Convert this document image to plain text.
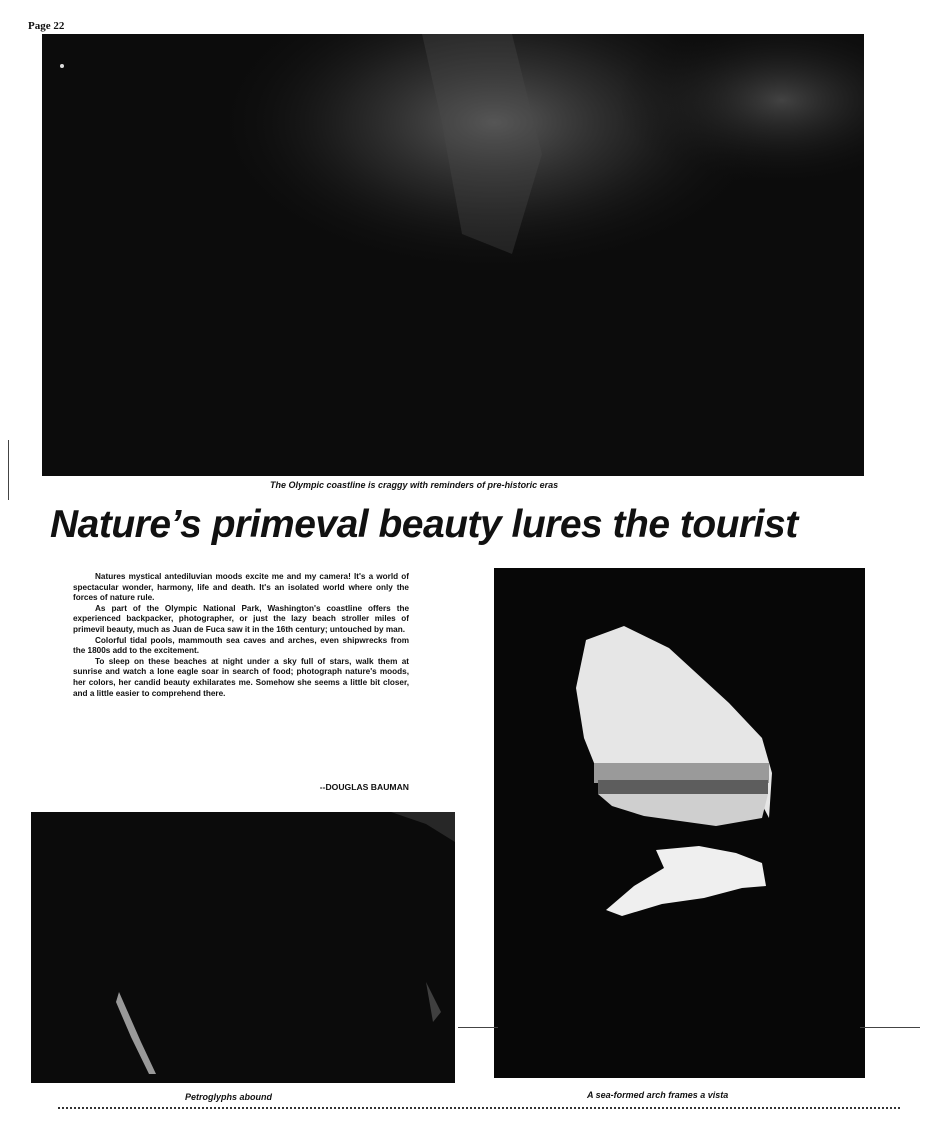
Page 22
The Olympic coastline is craggy with reminders of pre-historic eras
Nature’s primeval beauty lures the tourist

Natures mystical antediluvian moods excite me and my camera! It's a world of spectacular wonder, harmony, life and death. It's an isolated world where only the forces of nature rule.

As part of the Olympic National Park, Washington's coastline offers the experienced backpacker, photographer, or just the lazy beach stroller miles of primevil beauty, much as Juan de Fuca saw it in the 16th century; untouched by man.

Colorful tidal pools, mammouth sea caves and arches, even shipwrecks from the 1800s add to the excitement.

To sleep on these beaches at night under a sky full of stars, walk them at sunrise and watch a lone eagle soar in search of food; photograph nature's moods, her colors, her candid beauty exhilarates me. Somehow she seems a little bit closer, and a little easier to comprehend there.

--DOUGLAS BAUMAN
Petroglyphs abound	A sea-formed arch frames a vista
